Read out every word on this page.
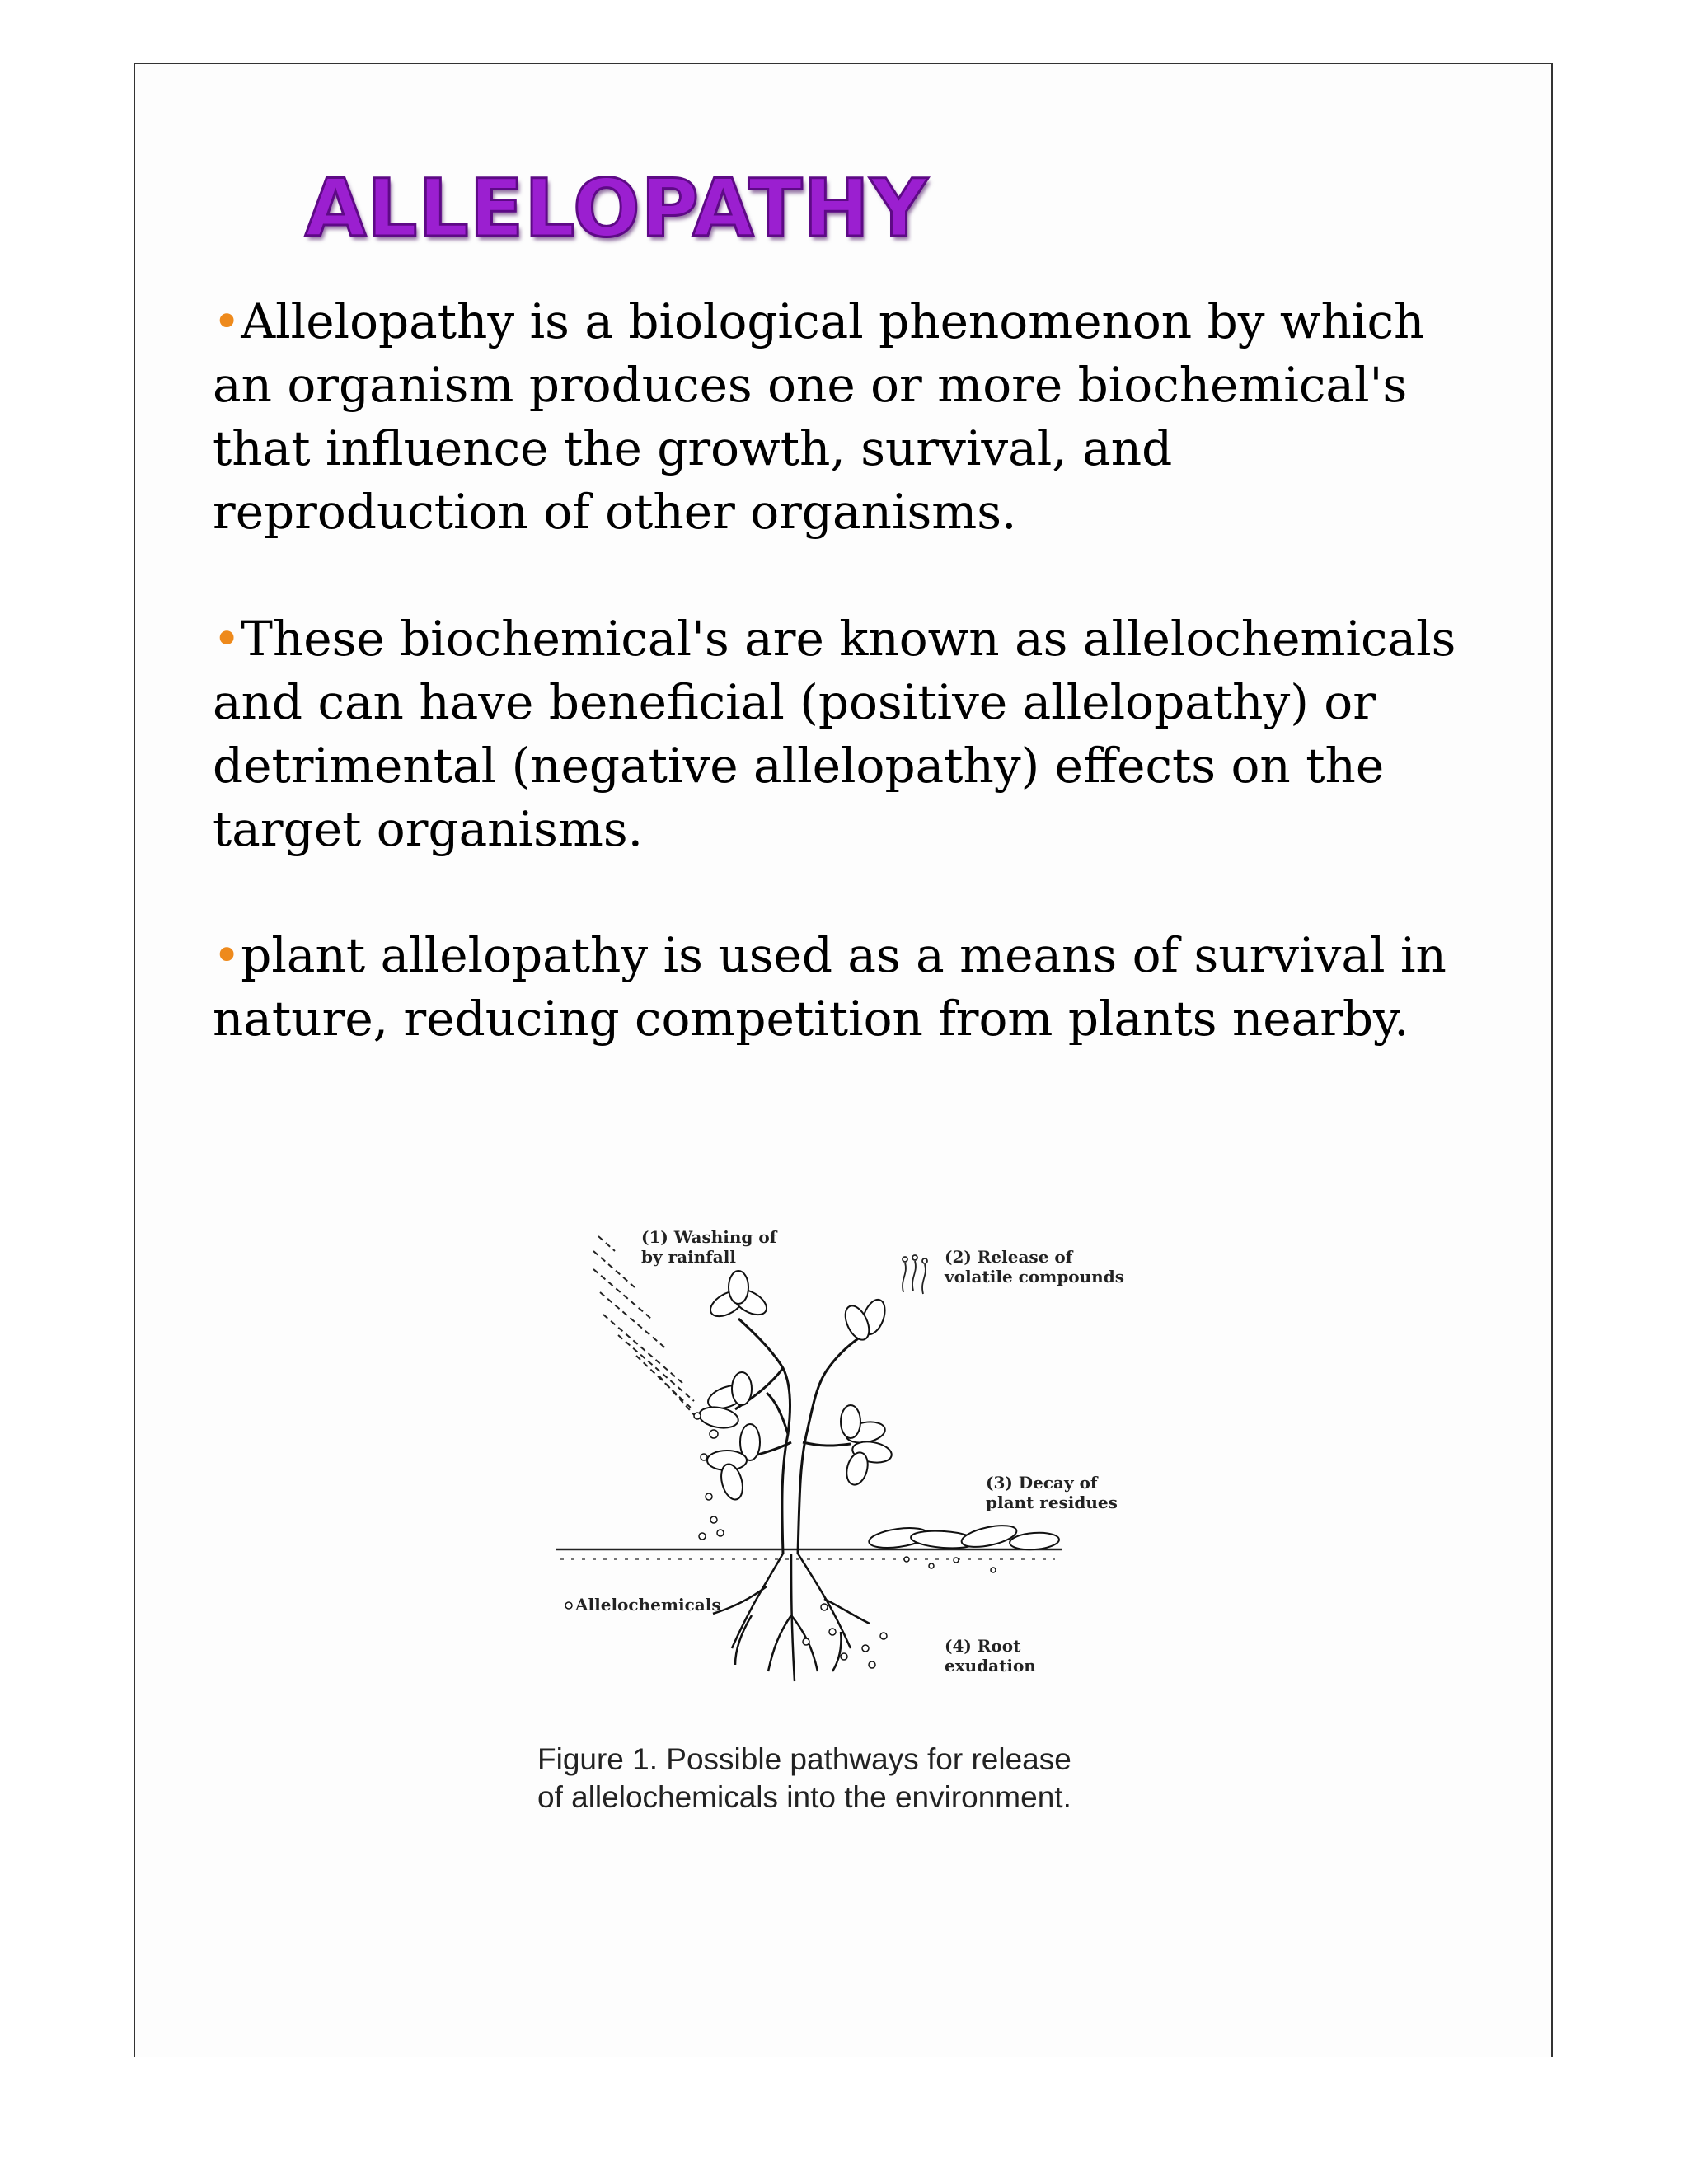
ALLELOPATHY

•Allelopathy is a biological phenomenon by which an organism produces one or more biochemical's that influence the growth, survival, and reproduction of other organisms.

•These biochemical's are known as allelochemicals and can have beneficial (positive allelopathy) or detrimental (negative allelopathy) effects on the target organisms.

•plant allelopathy is used as a means of survival in nature, reducing competition from plants nearby.

(1) Washing of
by rainfall	(2) Release of
volatile compounds
(3) Decay of
plant residues
Allelochemicals
(4) Root
exudation

Figure 1. Possible pathways for release
of allelochemicals into the environment.
